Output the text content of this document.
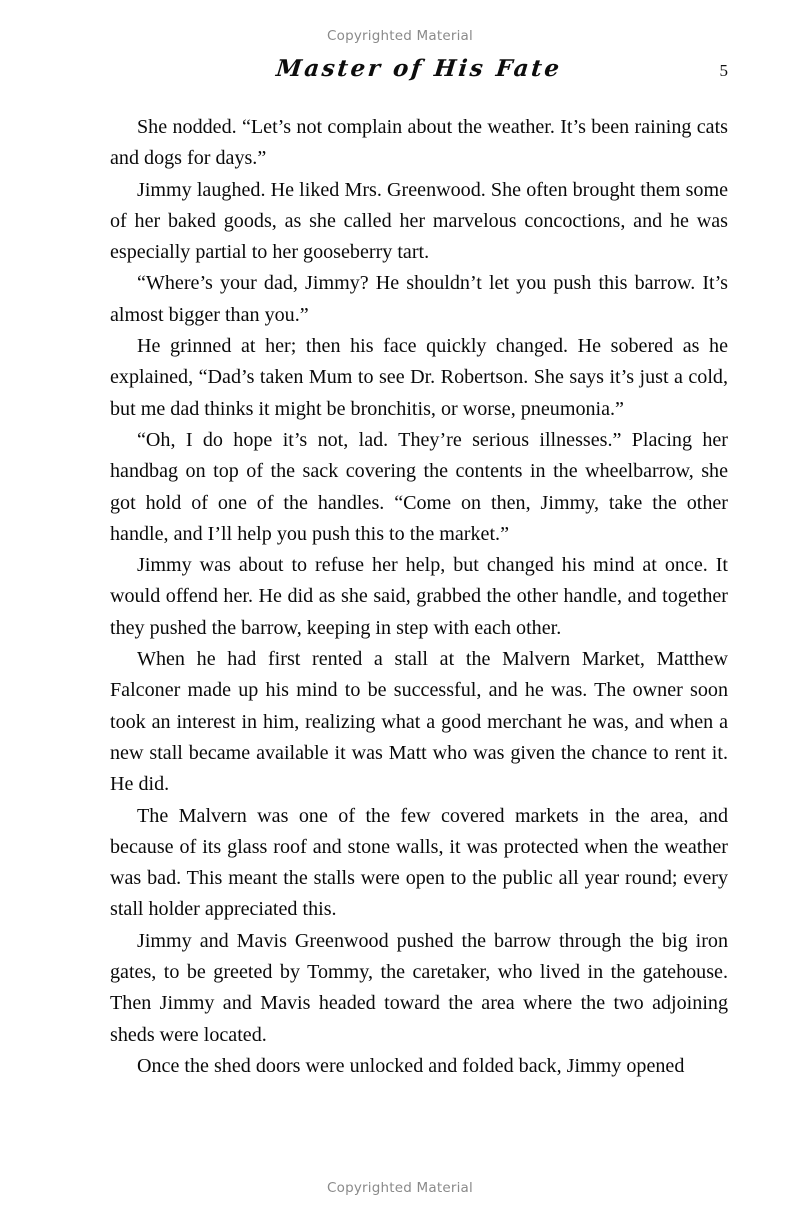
Copyrighted Material
Master of His Fate	5

She nodded. “Let’s not complain about the weather. It’s been raining cats and dogs for days.”

Jimmy laughed. He liked Mrs. Greenwood. She often brought them some of her baked goods, as she called her marvelous concoctions, and he was especially partial to her gooseberry tart.

“Where’s your dad, Jimmy? He shouldn’t let you push this barrow. It’s almost bigger than you.”

He grinned at her; then his face quickly changed. He sobered as he explained, “Dad’s taken Mum to see Dr. Robertson. She says it’s just a cold, but me dad thinks it might be bronchitis, or worse, pneumonia.”

“Oh, I do hope it’s not, lad. They’re serious illnesses.” Placing her handbag on top of the sack covering the contents in the wheelbarrow, she got hold of one of the handles. “Come on then, Jimmy, take the other handle, and I’ll help you push this to the market.”

Jimmy was about to refuse her help, but changed his mind at once. It would offend her. He did as she said, grabbed the other handle, and together they pushed the barrow, keeping in step with each other.

When he had first rented a stall at the Malvern Market, Matthew Falconer made up his mind to be successful, and he was. The owner soon took an interest in him, realizing what a good merchant he was, and when a new stall became available it was Matt who was given the chance to rent it. He did.

The Malvern was one of the few covered markets in the area, and because of its glass roof and stone walls, it was protected when the weather was bad. This meant the stalls were open to the public all year round; every stall holder appreciated this.

Jimmy and Mavis Greenwood pushed the barrow through the big iron gates, to be greeted by Tommy, the caretaker, who lived in the gatehouse. Then Jimmy and Mavis headed toward the area where the two adjoining sheds were located.

Once the shed doors were unlocked and folded back, Jimmy opened

Copyrighted Material
